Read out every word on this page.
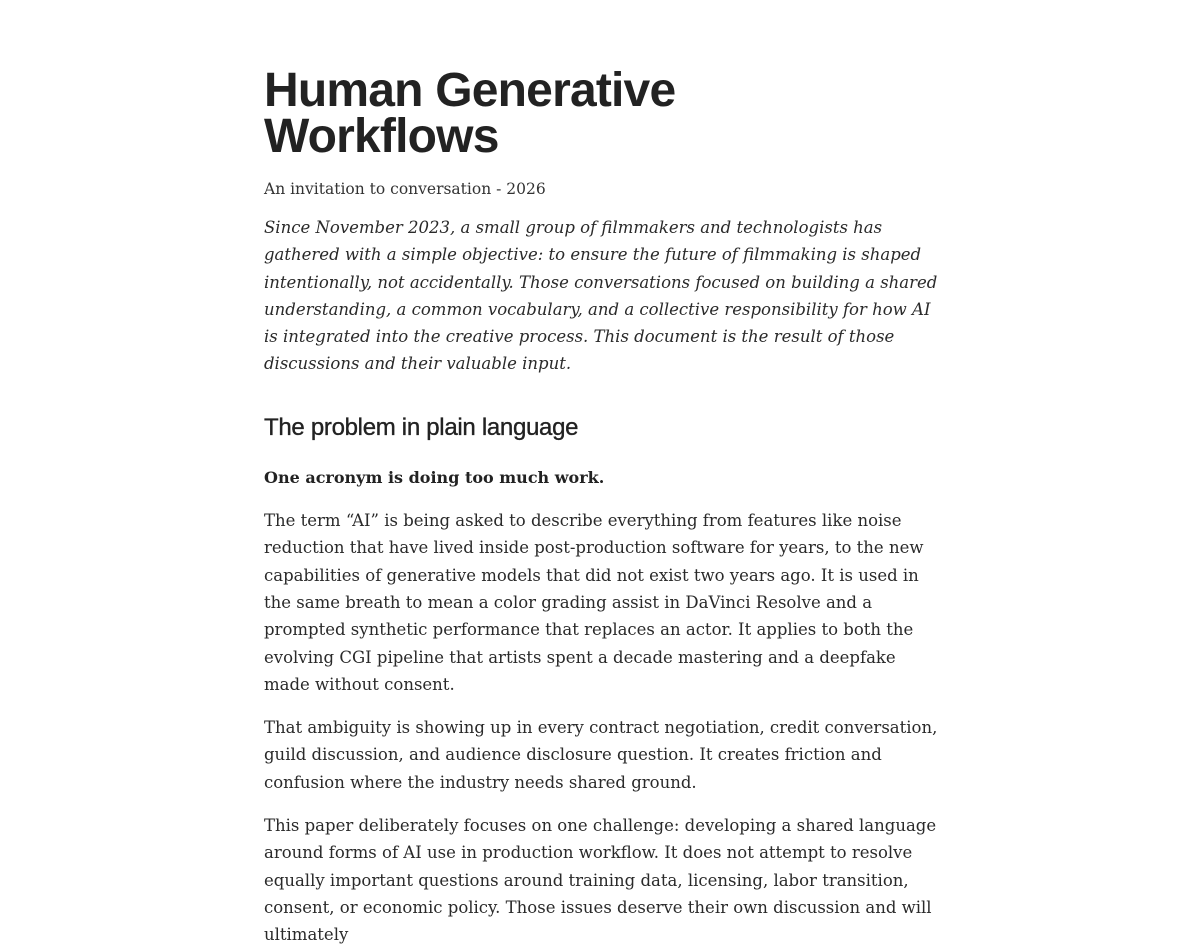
Human Generative
Workflows

An invitation to conversation - 2026

Since November 2023, a small group of filmmakers and technologists has gathered with a simple objective: to ensure the future of filmmaking is shaped intentionally, not accidentally. Those conversations focused on building a shared understanding, a common vocabulary, and a collective responsibility for how AI is integrated into the creative process. This document is the result of those discussions and their valuable input.

The problem in plain language

One acronym is doing too much work.

The term “AI” is being asked to describe everything from features like noise reduction that have lived inside post-production software for years, to the new capabilities of generative models that did not exist two years ago. It is used in the same breath to mean a color grading assist in DaVinci Resolve and a prompted synthetic performance that replaces an actor. It applies to both the evolving CGI pipeline that artists spent a decade mastering and a deepfake made without consent.

That ambiguity is showing up in every contract negotiation, credit conversation, guild discussion, and audience disclosure question. It creates friction and confusion where the industry needs shared ground.

This paper deliberately focuses on one challenge: developing a shared language around forms of AI use in production workflow. It does not attempt to resolve equally important questions around training data, licensing, labor transition, consent, or economic policy. Those issues deserve their own discussion and will ultimately
